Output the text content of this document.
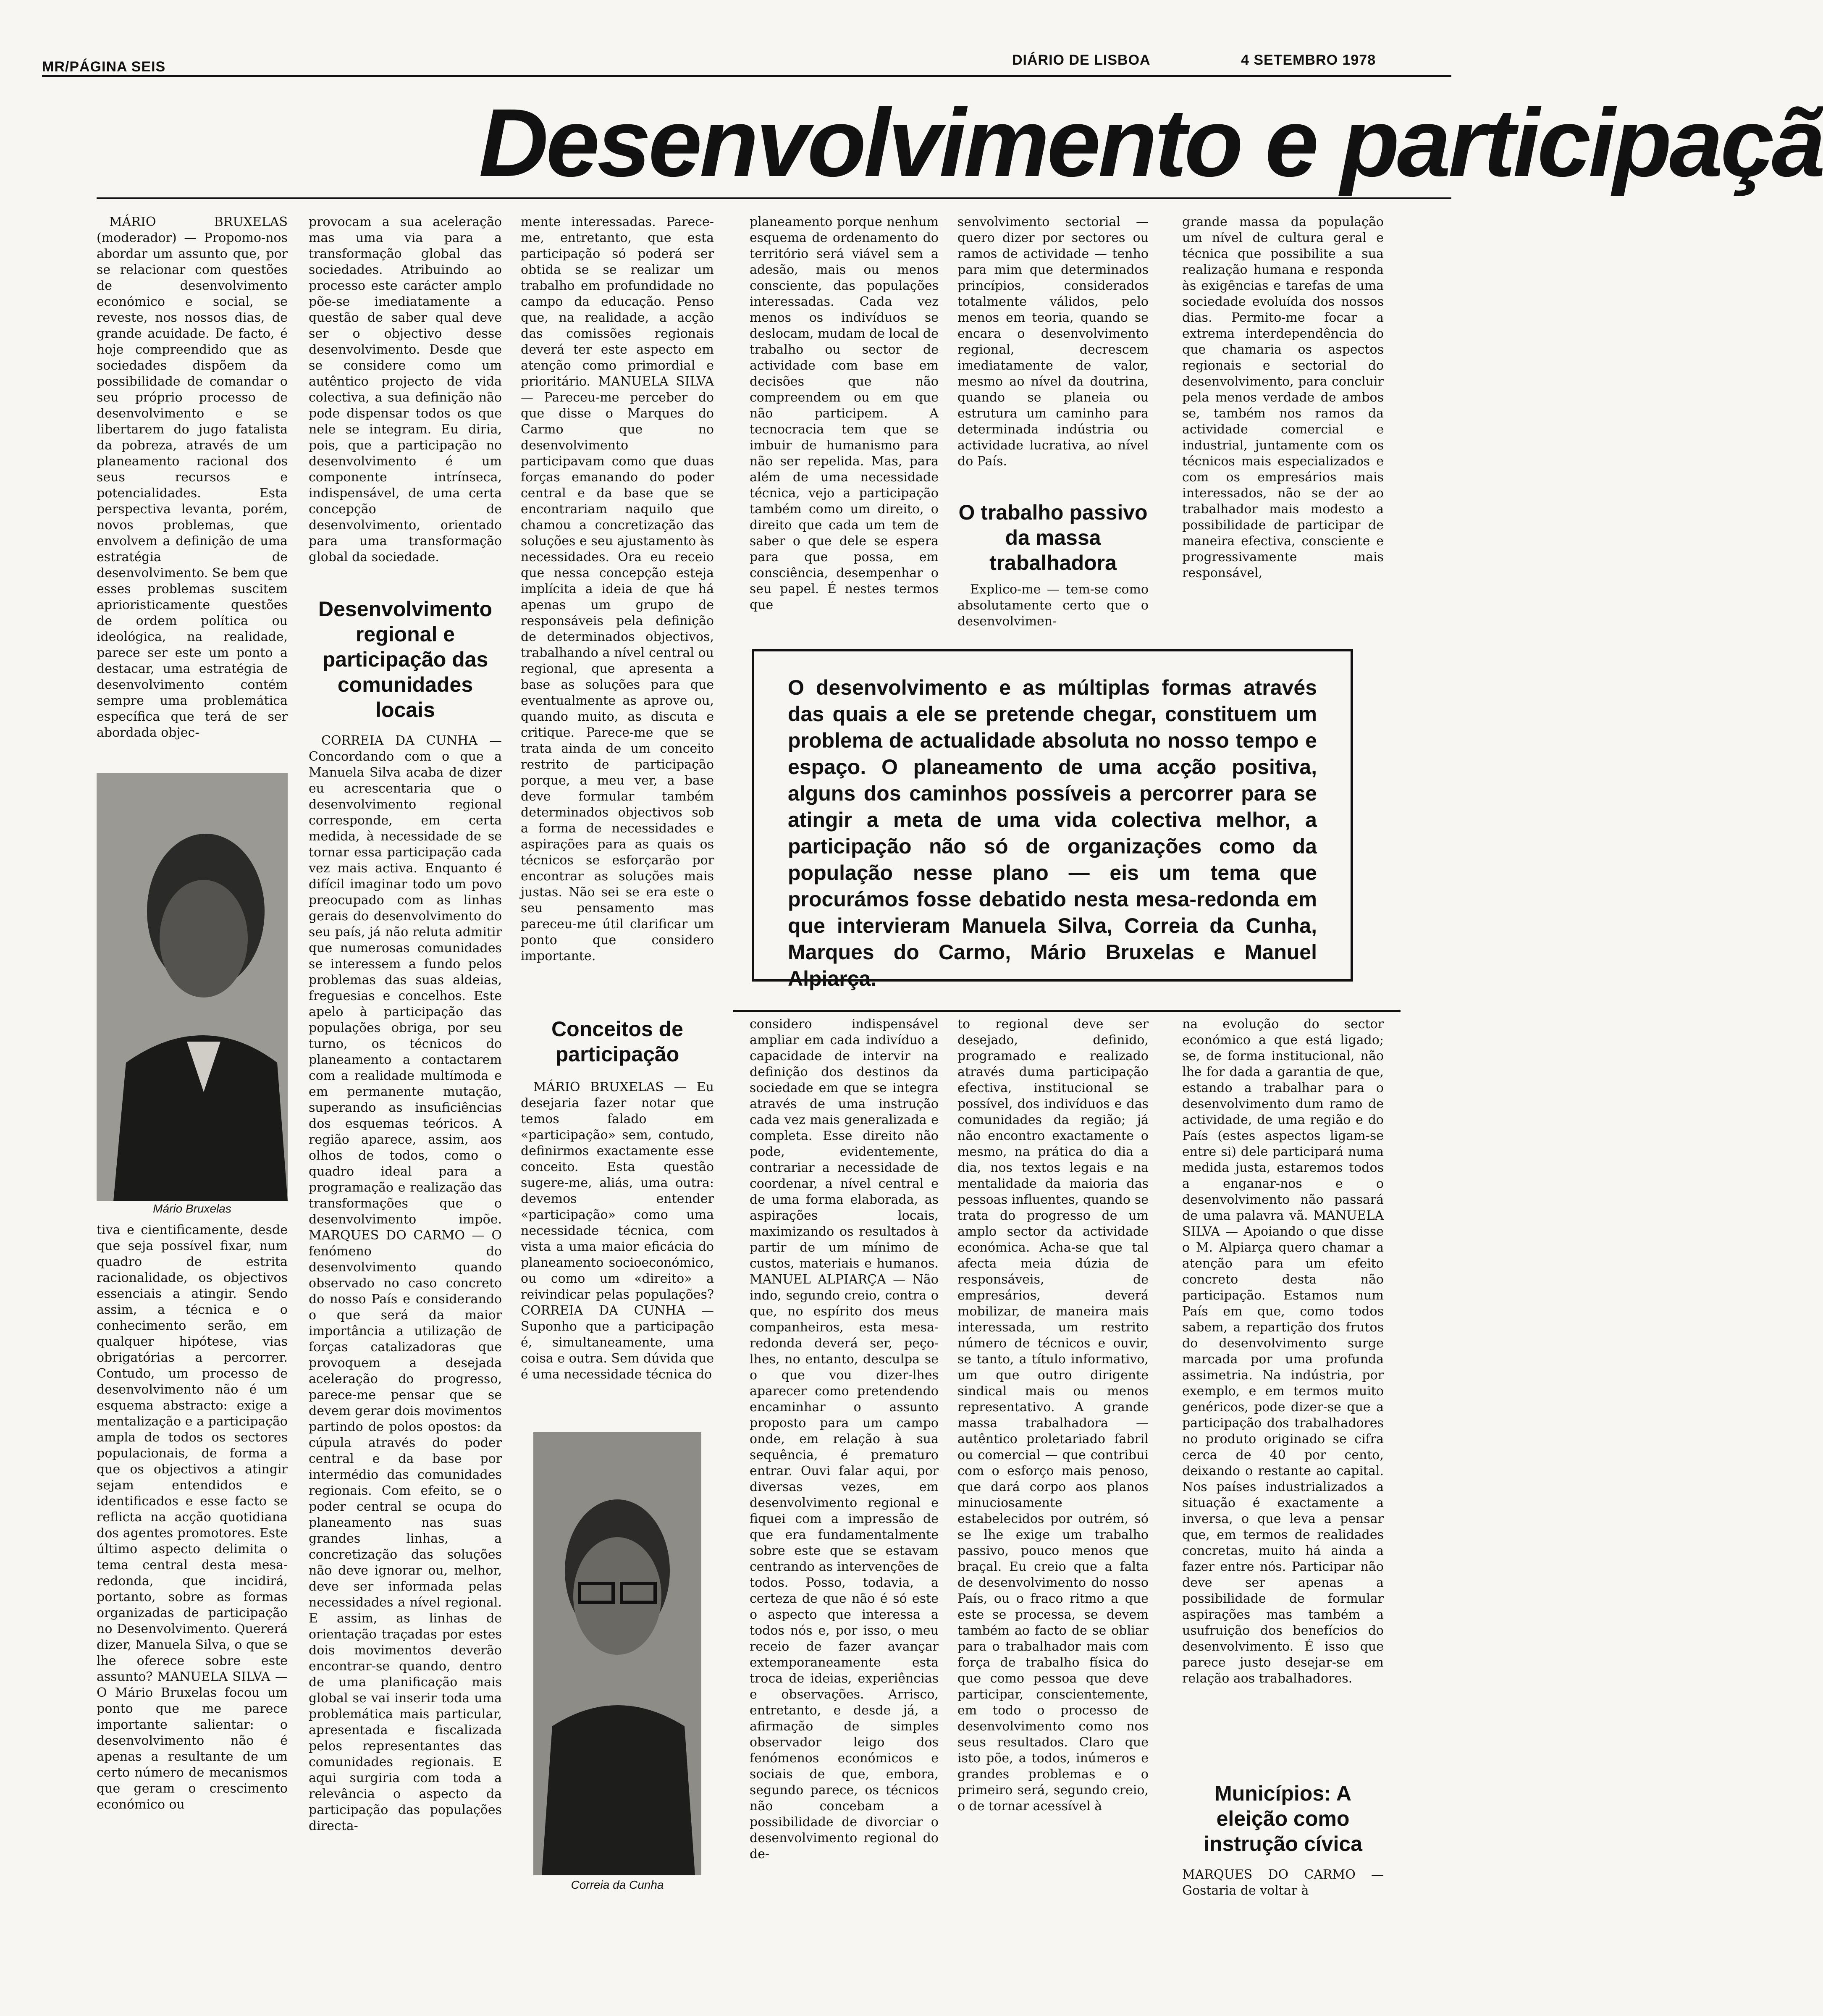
MR/PÁGINA SEIS	DIÁRIO DE LISBOA	4 SETEMBRO 1978
Desenvolvimento e participaçã

MÁRIO BRUXELAS (moderador) — Propomo-nos abordar um assunto que, por se relacionar com questões de desenvolvimento económico e social, se reveste, nos nossos dias, de grande acuidade. De facto, é hoje compreendido que as sociedades dispõem da possibilidade de comandar o seu próprio processo de desenvolvimento e se libertarem do jugo fatalista da pobreza, através de um planeamento racional dos seus recursos e potencialidades. Esta perspectiva levanta, porém, novos problemas, que envolvem a definição de uma estratégia de desenvolvimento. Se bem que esses problemas suscitem aprioristicamente questões de ordem política ou ideológica, na realidade, parece ser este um ponto a destacar, uma estratégia de desenvolvimento contém sempre uma problemática específica que terá de ser abordada objec-

Mário Bruxelas

tiva e cientificamente, desde que seja possível fixar, num quadro de estrita racionalidade, os objectivos essenciais a atingir. Sendo assim, a técnica e o conhecimento serão, em qualquer hipótese, vias obrigatórias a percorrer. Contudo, um processo de desenvolvimento não é um esquema abstracto: exige a mentalização e a participação ampla de todos os sectores populacionais, de forma a que os objectivos a atingir sejam entendidos e identificados e esse facto se reflicta na acção quotidiana dos agentes promotores. Este último aspecto delimita o tema central desta mesa-redonda, que incidirá, portanto, sobre as formas organizadas de participação no Desenvolvimento. Quererá dizer, Manuela Silva, o que se lhe oferece sobre este assunto? MANUELA SILVA — O Mário Bruxelas focou um ponto que me parece importante salientar: o desenvolvimento não é apenas a resultante de um certo número de mecanismos que geram o crescimento económico ou

provocam a sua aceleração mas uma via para a transformação global das sociedades. Atribuindo ao processo este carácter amplo põe-se imediatamente a questão de saber qual deve ser o objectivo desse desenvolvimento. Desde que se considere como um autêntico projecto de vida colectiva, a sua definição não pode dispensar todos os que nele se integram. Eu diria, pois, que a participação no desenvolvimento é um componente intrínseca, indispensável, de uma certa concepção de desenvolvimento, orientado para uma transformação global da sociedade.

Desenvolvimento regional e participação das comunidades locais

CORREIA DA CUNHA — Concordando com o que a Manuela Silva acaba de dizer eu acrescentaria que o desenvolvimento regional corresponde, em certa medida, à necessidade de se tornar essa participação cada vez mais activa. Enquanto é difícil imaginar todo um povo preocupado com as linhas gerais do desenvolvimento do seu país, já não reluta admitir que numerosas comunidades se interessem a fundo pelos problemas das suas aldeias, freguesias e concelhos. Este apelo à participação das populações obriga, por seu turno, os técnicos do planeamento a contactarem com a realidade multímoda e em permanente mutação, superando as insuficiências dos esquemas teóricos. A região aparece, assim, aos olhos de todos, como o quadro ideal para a programação e realização das transformações que o desenvolvimento impõe. MARQUES DO CARMO — O fenómeno do desenvolvimento quando observado no caso concreto do nosso País e considerando o que será da maior importância a utilização de forças catalizadoras que provoquem a desejada aceleração do progresso, parece-me pensar que se devem gerar dois movimentos partindo de polos opostos: da cúpula através do poder central e da base por intermédio das comunidades regionais. Com efeito, se o poder central se ocupa do planeamento nas suas grandes linhas, a concretização das soluções não deve ignorar ou, melhor, deve ser informada pelas necessidades a nível regional. E assim, as linhas de orientação traçadas por estes dois movimentos deverão encontrar-se quando, dentro de uma planificação mais global se vai inserir toda uma problemática mais particular, apresentada e fiscalizada pelos representantes das comunidades regionais. E aqui surgiria com toda a relevância o aspecto da participação das populações directa-

mente interessadas. Parece-me, entretanto, que esta participação só poderá ser obtida se se realizar um trabalho em profundidade no campo da educação. Penso que, na realidade, a acção das comissões regionais deverá ter este aspecto em atenção como primordial e prioritário. MANUELA SILVA — Pareceu-me perceber do que disse o Marques do Carmo que no desenvolvimento participavam como que duas forças emanando do poder central e da base que se encontrariam naquilo que chamou a concretização das soluções e seu ajustamento às necessidades. Ora eu receio que nessa concepção esteja implícita a ideia de que há apenas um grupo de responsáveis pela definição de determinados objectivos, trabalhando a nível central ou regional, que apresenta a base as soluções para que eventualmente as aprove ou, quando muito, as discuta e critique. Parece-me que se trata ainda de um conceito restrito de participação porque, a meu ver, a base deve formular também determinados objectivos sob a forma de necessidades e aspirações para as quais os técnicos se esforçarão por encontrar as soluções mais justas. Não sei se era este o seu pensamento mas pareceu-me útil clarificar um ponto que considero importante.

Conceitos de participação

MÁRIO BRUXELAS — Eu desejaria fazer notar que temos falado em «participação» sem, contudo, definirmos exactamente esse conceito. Esta questão sugere-me, aliás, uma outra: devemos entender «participação» como uma necessidade técnica, com vista a uma maior eficácia do planeamento socioeconómico, ou como um «direito» a reivindicar pelas populações? CORREIA DA CUNHA — Suponho que a participação é, simultaneamente, uma coisa e outra. Sem dúvida que é uma necessidade técnica do

Correia da Cunha

planeamento porque nenhum esquema de ordenamento do território será viável sem a adesão, mais ou menos consciente, das populações interessadas. Cada vez menos os indivíduos se deslocam, mudam de local de trabalho ou sector de actividade com base em decisões que não compreendem ou em que não participem. A tecnocracia tem que se imbuir de humanismo para não ser repelida. Mas, para além de uma necessidade técnica, vejo a participação também como um direito, o direito que cada um tem de saber o que dele se espera para que possa, em consciência, desempenhar o seu papel. É nestes termos que

senvolvimento sectorial — quero dizer por sectores ou ramos de actividade — tenho para mim que determinados princípios, considerados totalmente válidos, pelo menos em teoria, quando se encara o desenvolvimento regional, decrescem imediatamente de valor, mesmo ao nível da doutrina, quando se planeia ou estrutura um caminho para determinada indústria ou actividade lucrativa, ao nível do País.

O trabalho passivo da massa trabalhadora

Explico-me — tem-se como absolutamente certo que o desenvolvimen-

grande massa da população um nível de cultura geral e técnica que possibilite a sua realização humana e responda às exigências e tarefas de uma sociedade evoluída dos nossos dias. Permito-me focar a extrema interdependência do que chamaria os aspectos regionais e sectorial do desenvolvimento, para concluir pela menos verdade de ambos se, também nos ramos da actividade comercial e industrial, juntamente com os técnicos mais especializados e com os empresários mais interessados, não se der ao trabalhador mais modesto a possibilidade de participar de maneira efectiva, consciente e progressivamente mais responsável,

O desenvolvimento e as múltiplas formas através das quais a ele se pretende chegar, constituem um problema de actualidade absoluta no nosso tempo e espaço. O planeamento de uma acção positiva, alguns dos caminhos possíveis a percorrer para se atingir a meta de uma vida colectiva melhor, a participação não só de organizações como da população nesse plano — eis um tema que procurámos fosse debatido nesta mesa-redonda em que intervieram Manuela Silva, Correia da Cunha, Marques do Carmo, Mário Bruxelas e Manuel Alpiarça.

considero indispensável ampliar em cada indivíduo a capacidade de intervir na definição dos destinos da sociedade em que se integra através de uma instrução cada vez mais generalizada e completa. Esse direito não pode, evidentemente, contrariar a necessidade de coordenar, a nível central e de uma forma elaborada, as aspirações locais, maximizando os resultados à partir de um mínimo de custos, materiais e humanos. MANUEL ALPIARÇA — Não indo, segundo creio, contra o que, no espírito dos meus companheiros, esta mesa-redonda deverá ser, peço-lhes, no entanto, desculpa se o que vou dizer-lhes aparecer como pretendendo encaminhar o assunto proposto para um campo onde, em relação à sua sequência, é prematuro entrar. Ouvi falar aqui, por diversas vezes, em desenvolvimento regional e fiquei com a impressão de que era fundamentalmente sobre este que se estavam centrando as intervenções de todos. Posso, todavia, a certeza de que não é só este o aspecto que interessa a todos nós e, por isso, o meu receio de fazer avançar extemporaneamente esta troca de ideias, experiências e observações. Arrisco, entretanto, e desde já, a afirmação de simples observador leigo dos fenómenos económicos e sociais de que, embora, segundo parece, os técnicos não concebam a possibilidade de divorciar o desenvolvimento regional do de-

to regional deve ser desejado, definido, programado e realizado através duma participação efectiva, institucional se possível, dos indivíduos e das comunidades da região; já não encontro exactamente o mesmo, na prática do dia a dia, nos textos legais e na mentalidade da maioria das pessoas influentes, quando se trata do progresso de um amplo sector da actividade económica. Acha-se que tal afecta meia dúzia de responsáveis, de empresários, deverá mobilizar, de maneira mais interessada, um restrito número de técnicos e ouvir, se tanto, a título informativo, um que outro dirigente sindical mais ou menos representativo. A grande massa trabalhadora — autêntico proletariado fabril ou comercial — que contribui com o esforço mais penoso, que dará corpo aos planos minuciosamente estabelecidos por outrém, só se lhe exige um trabalho passivo, pouco menos que braçal. Eu creio que a falta de desenvolvimento do nosso País, ou o fraco ritmo a que este se processa, se devem também ao facto de se obliar para o trabalhador mais com força de trabalho física do que como pessoa que deve participar, conscientemente, em todo o processo de desenvolvimento como nos seus resultados. Claro que isto põe, a todos, inúmeros e grandes problemas e o primeiro será, segundo creio, o de tornar acessível à

na evolução do sector económico a que está ligado; se, de forma institucional, não lhe for dada a garantia de que, estando a trabalhar para o desenvolvimento dum ramo de actividade, de uma região e do País (estes aspectos ligam-se entre si) dele participará numa medida justa, estaremos todos a enganar-nos e o desenvolvimento não passará de uma palavra vã. MANUELA SILVA — Apoiando o que disse o M. Alpiarça quero chamar a atenção para um efeito concreto desta não participação. Estamos num País em que, como todos sabem, a repartição dos frutos do desenvolvimento surge marcada por uma profunda assimetria. Na indústria, por exemplo, e em termos muito genéricos, pode dizer-se que a participação dos trabalhadores no produto originado se cifra cerca de 40 por cento, deixando o restante ao capital. Nos países industrializados a situação é exactamente a inversa, o que leva a pensar que, em termos de realidades concretas, muito há ainda a fazer entre nós. Participar não deve ser apenas a possibilidade de formular aspirações mas também a usufruição dos benefícios do desenvolvimento. É isso que parece justo desejar-se em relação aos trabalhadores.

Municípios: A eleição como instrução cívica

MARQUES DO CARMO — Gostaria de voltar à
